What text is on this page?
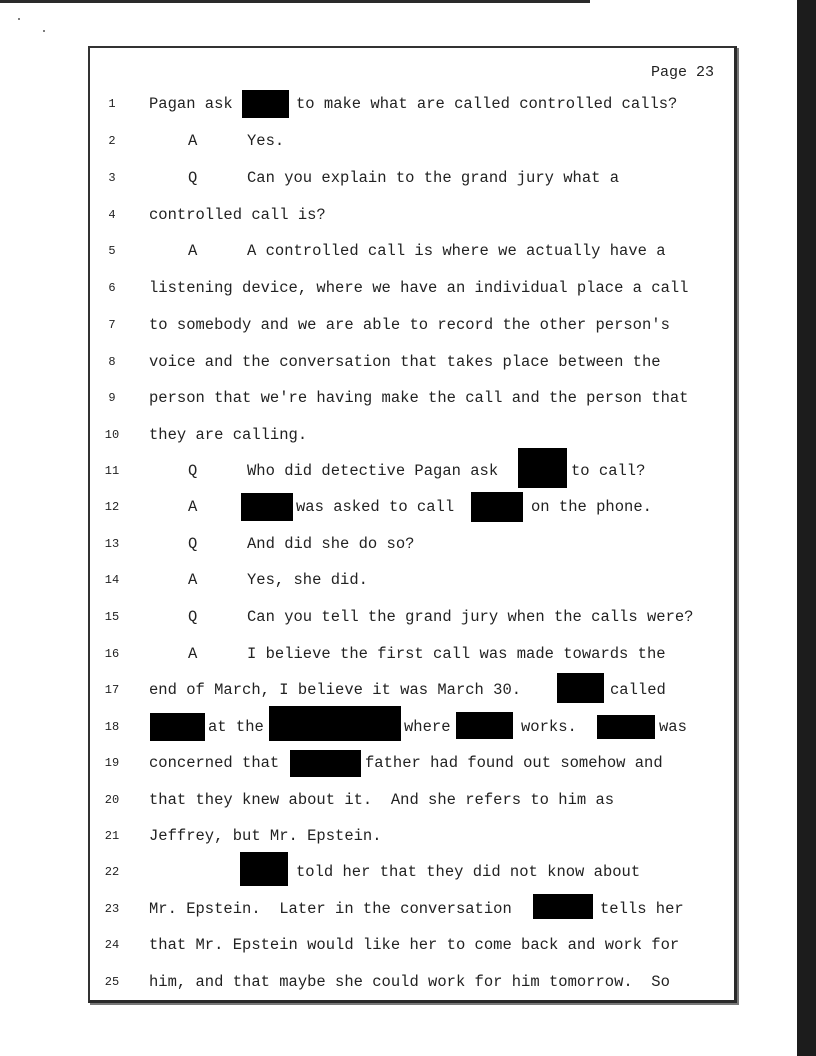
Page 23
1	Pagan ask	to make what are called controlled calls?
2	A	Yes.
3	Q	Can you explain to the grand jury what a
4	controlled call is?
5	A	A controlled call is where we actually have a
6	listening device, where we have an individual place a call
7	to somebody and we are able to record the other person's
8	voice and the conversation that takes place between the
9	person that we're having make the call and the person that
10	they are calling.
11	Q	Who did detective Pagan ask	to call?
12	A	was asked to call	on the phone.
13	Q	And did she do so?
14	A	Yes, she did.
15	Q	Can you tell the grand jury when the calls were?
16	A	I believe the first call was made towards the
17	end of March, I believe it was March 30.	called
18	at the	where	works.	was
19	concerned that	father had found out somehow and
20	that they knew about it.  And she refers to him as
21	Jeffrey, but Mr. Epstein.
22	told her that they did not know about
23	Mr. Epstein.  Later in the conversation	tells her
24	that Mr. Epstein would like her to come back and work for
25	him, and that maybe she could work for him tomorrow.  So
